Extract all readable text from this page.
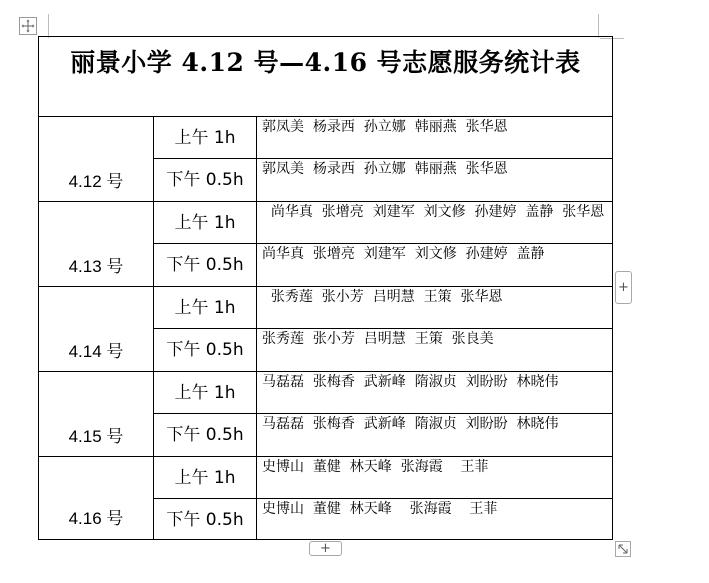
丽景小学 4.12 号—4.16 号志愿服务统计表
4.12 号
上午 1h
郭凤美  杨录西  孙立娜  韩丽燕  张华恩
下午 0.5h
郭凤美  杨录西  孙立娜  韩丽燕  张华恩
4.13 号
上午 1h
尚华真  张增亮  刘建军  刘文修  孙建婷  盖静  张华恩
下午 0.5h
尚华真  张增亮  刘建军  刘文修  孙建婷  盖静
4.14 号
上午 1h
张秀莲  张小芳  吕明慧  王策  张华恩
下午 0.5h
张秀莲  张小芳  吕明慧  王策  张良美
4.15 号
上午 1h
马磊磊  张梅香  武新峰  隋淑贞  刘盼盼  林晓伟
下午 0.5h
马磊磊  张梅香  武新峰  隋淑贞  刘盼盼  林晓伟
4.16 号
上午 1h
史博山  董健  林天峰  张海霞    王菲
下午 0.5h
史博山  董健  林天峰    张海霞    王菲
+
+
